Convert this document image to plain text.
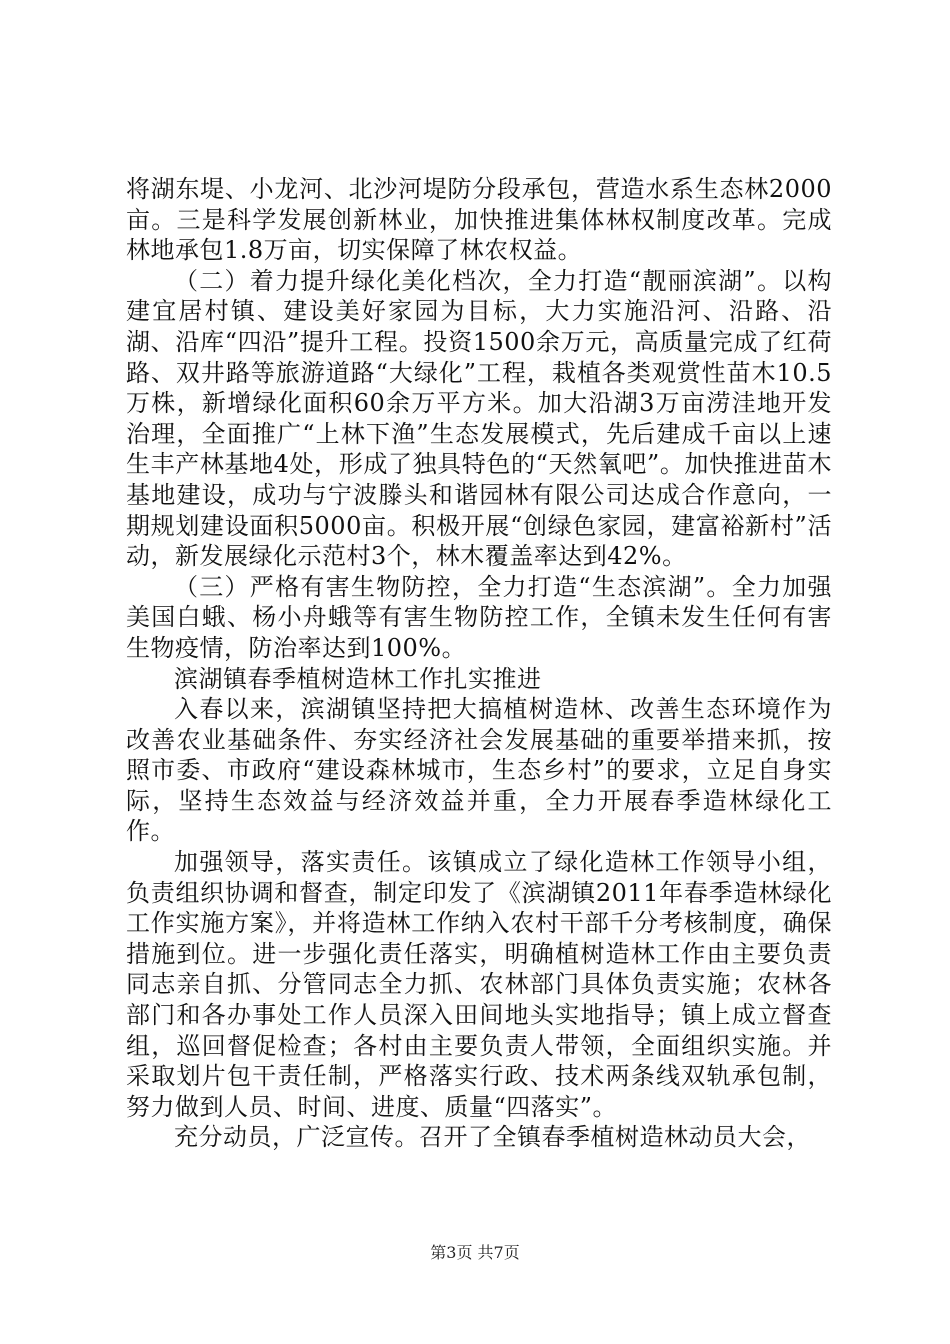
将湖东堤、小龙河、北沙河堤防分段承包，营造水系生态林2000亩。三是科学发展创新林业，加快推进集体林权制度改革。完成林地承包1.8万亩，切实保障了林农权益。

（二）着力提升绿化美化档次，全力打造“靓丽滨湖”。以构建宜居村镇、建设美好家园为目标，大力实施沿河、沿路、沿湖、沿库“四沿”提升工程。投资1500余万元，高质量完成了红荷路、双井路等旅游道路“大绿化”工程，栽植各类观赏性苗木10.5万株，新增绿化面积60余万平方米。加大沿湖3万亩涝洼地开发治理，全面推广“上林下渔”生态发展模式，先后建成千亩以上速生丰产林基地4处，形成了独具特色的“天然氧吧”。加快推进苗木基地建设，成功与宁波滕头和谐园林有限公司达成合作意向，一期规划建设面积5000亩。积极开展“创绿色家园，建富裕新村”活动，新发展绿化示范村3个，林木覆盖率达到42%。

（三）严格有害生物防控，全力打造“生态滨湖”。全力加强美国白蛾、杨小舟蛾等有害生物防控工作，全镇未发生任何有害生物疫情，防治率达到100%。

滨湖镇春季植树造林工作扎实推进

入春以来，滨湖镇坚持把大搞植树造林、改善生态环境作为改善农业基础条件、夯实经济社会发展基础的重要举措来抓，按照市委、市政府“建设森林城市，生态乡村”的要求，立足自身实际，坚持生态效益与经济效益并重，全力开展春季造林绿化工作。

加强领导，落实责任。该镇成立了绿化造林工作领导小组，负责组织协调和督查，制定印发了《滨湖镇2011年春季造林绿化工作实施方案》，并将造林工作纳入农村干部千分考核制度，确保措施到位。进一步强化责任落实，明确植树造林工作由主要负责同志亲自抓、分管同志全力抓、农林部门具体负责实施；农林各部门和各办事处工作人员深入田间地头实地指导；镇上成立督查组，巡回督促检查；各村由主要负责人带领，全面组织实施。并采取划片包干责任制，严格落实行政、技术两条线双轨承包制，努力做到人员、时间、进度、质量“四落实”。

充分动员，广泛宣传。召开了全镇春季植树造林动员大会，

第3页 共7页
